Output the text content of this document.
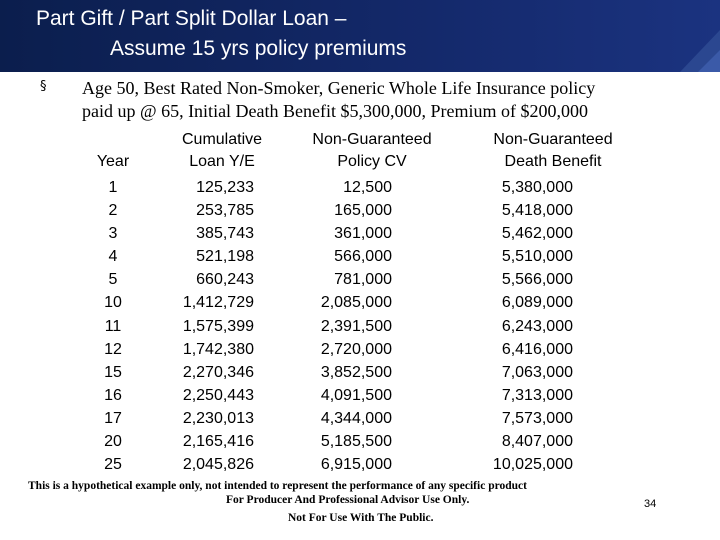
Part Gift / Part Split Dollar Loan –
Assume 15 yrs policy premiums
§ Age 50, Best Rated Non-Smoker, Generic Whole Life Insurance policy
paid up @ 65, Initial Death Benefit $5,300,000, Premium of $200,000
Year
Cumulative
Loan Y/E
Non-Guaranteed
Policy CV
Non-Guaranteed
Death Benefit
1
2
3
4
5
10
11
12
15
16
17
20
25
125,233
253,785
385,743
521,198
660,243
1,412,729
1,575,399
1,742,380
2,270,346
2,250,443
2,230,013
2,165,416
2,045,826
12,500
165,000
361,000
566,000
781,000
2,085,000
2,391,500
2,720,000
3,852,500
4,091,500
4,344,000
5,185,500
6,915,000
5,380,000
5,418,000
5,462,000
5,510,000
5,566,000
6,089,000
6,243,000
6,416,000
7,063,000
7,313,000
7,573,000
8,407,000
10,025,000
This is a hypothetical example only, not intended to represent the performance of any specific product
For Producer And Professional Advisor Use Only.
Not For Use With The Public.
34
